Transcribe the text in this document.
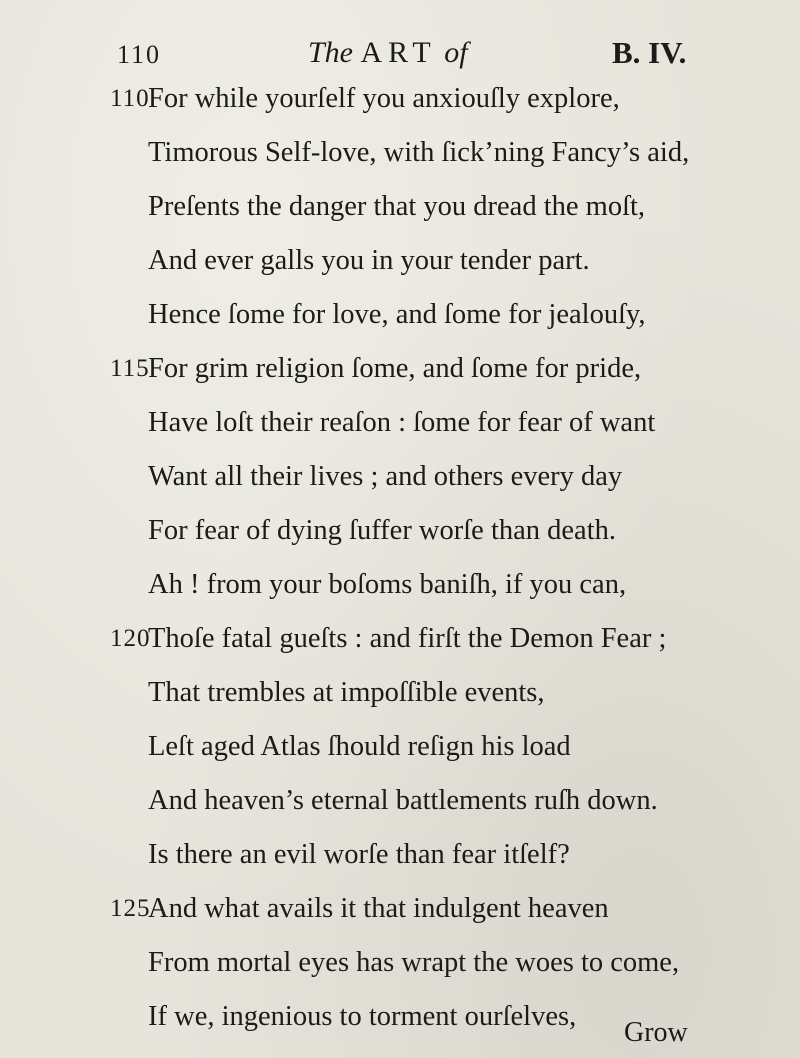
110	The ART of	B. IV.
110
For while yourſelf you anxiouſly explore,
Timorous Self-love, with ſick’ning Fancy’s aid,
Preſents the danger that you dread the moſt,
And ever galls you in your tender part.
Hence ſome for love, and ſome for jealouſy,
115
For grim religion ſome, and ſome for pride,
Have loſt their reaſon : ſome for fear of want
Want all their lives ; and others every day
For fear of dying ſuffer worſe than death.
Ah ! from your boſoms baniſh, if you can,
120
Thoſe fatal gueſts : and firſt the Demon Fear ;
That trembles at impoſſible events,
Leſt aged Atlas ſhould reſign his load
And heaven’s eternal battlements ruſh down.
Is there an evil worſe than fear itſelf?
125
And what avails it that indulgent heaven
From mortal eyes has wrapt the woes to come,
If we, ingenious to torment ourſelves,
Grow
